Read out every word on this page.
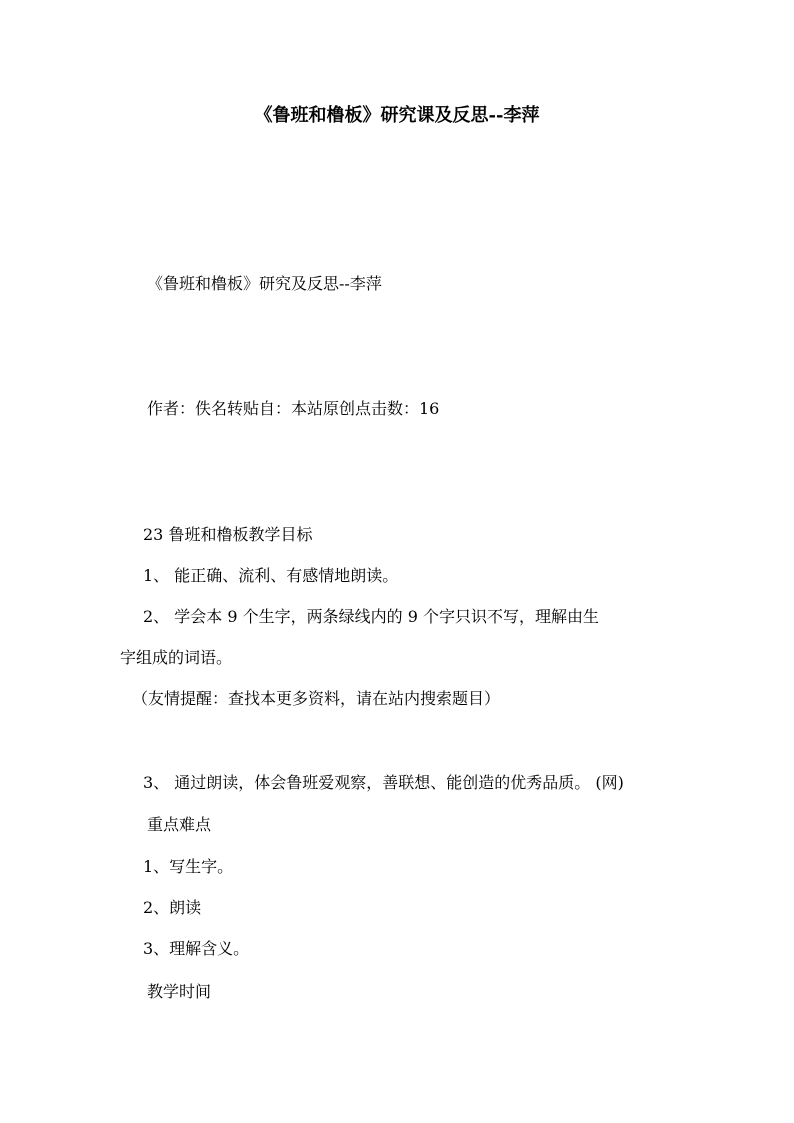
《鲁班和橹板》研究课及反思--李萍
《鲁班和橹板》研究及反思--李萍
作者：佚名转贴自：本站原创点击数：16
23 鲁班和橹板教学目标
1、 能正确、流利、有感情地朗读。
2、 学会本 9 个生字，两条绿线内的 9 个字只识不写，理解由生
字组成的词语。
（友情提醒：查找本更多资料，请在站内搜索题目）
3、 通过朗读，体会鲁班爱观察，善联想、能创造的优秀品质。 (网)
重点难点
1、写生字。
2、朗读
3、理解含义。
教学时间
